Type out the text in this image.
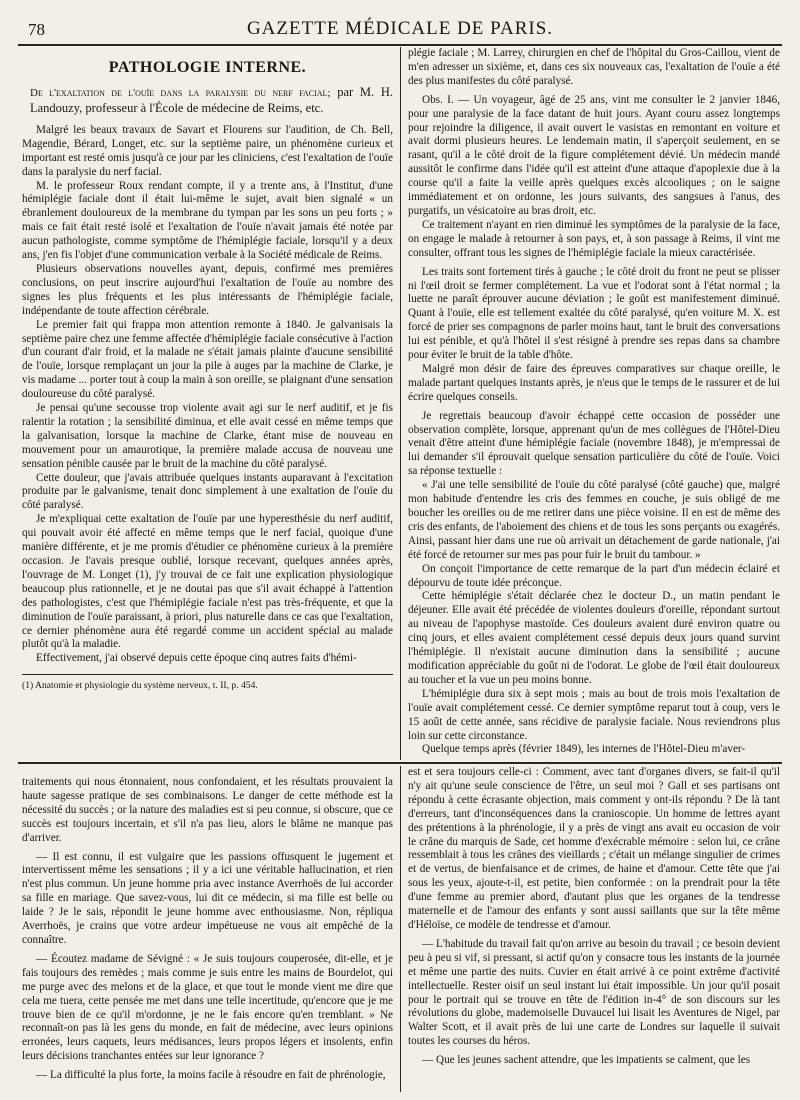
78	GAZETTE MÉDICALE DE PARIS.

PATHOLOGIE INTERNE.

De l'exaltation de l'ouïe dans la paralysie du nerf facial; par M. H. Landouzy, professeur à l'École de médecine de Reims, etc.

Malgré les beaux travaux de Savart et Flourens sur l'audition, de Ch. Bell, Magendie, Bérard, Longet, etc. sur la septième paire, un phénomène curieux et important est resté omis jusqu'à ce jour par les cliniciens, c'est l'exaltation de l'ouïe dans la paralysie du nerf facial.

M. le professeur Roux rendant compte, il y a trente ans, à l'Institut, d'une hémiplégie faciale dont il était lui-même le sujet, avait bien signalé « un ébranlement douloureux de la membrane du tympan par les sons un peu forts ; » mais ce fait était resté isolé et l'exaltation de l'ouïe n'avait jamais été notée par aucun pathologiste, comme symptôme de l'hémiplégie faciale, lorsqu'il y a deux ans, j'en fis l'objet d'une communication verbale à la Société médicale de Reims.

Plusieurs observations nouvelles ayant, depuis, confirmé mes premières conclusions, on peut inscrire aujourd'hui l'exaltation de l'ouïe au nombre des signes les plus fréquents et les plus intéressants de l'hémiplégie faciale, indépendante de toute affection cérébrale.

Le premier fait qui frappa mon attention remonte à 1840. Je galvanisais la septième paire chez une femme affectée d'hémiplégie faciale consécutive à l'action d'un courant d'air froid, et la malade ne s'était jamais plainte d'aucune sensibilité de l'ouïe, lorsque remplaçant un jour la pile à auges par la machine de Clarke, je vis madame ... porter tout à coup la main à son oreille, se plaignant d'une sensation douloureuse du côté paralysé.

Je pensai qu'une secousse trop violente avait agi sur le nerf auditif, et je fis ralentir la rotation ; la sensibilité diminua, et elle avait cessé en même temps que la galvanisation, lorsque la machine de Clarke, étant mise de nouveau en mouvement pour un amaurotique, la première malade accusa de nouveau une sensation pénible causée par le bruit de la machine du côté paralysé.

Cette douleur, que j'avais attribuée quelques instants auparavant à l'excitation produite par le galvanisme, tenait donc simplement à une exaltation de l'ouïe du côté paralysé.

Je m'expliquai cette exaltation de l'ouïe par une hyperesthésie du nerf auditif, qui pouvait avoir été affecté en même temps que le nerf facial, quoique d'une manière différente, et je me promis d'étudier ce phénomène curieux à la première occasion. Je l'avais presque oublié, lorsque recevant, quelques années après, l'ouvrage de M. Longet (1), j'y trouvai de ce fait une explication physiologique beaucoup plus rationnelle, et je ne doutai pas que s'il avait échappé à l'attention des pathologistes, c'est que l'hémiplégie faciale n'est pas très-fréquente, et que la diminution de l'ouïe paraissant, à priori, plus naturelle dans ce cas que l'exaltation, ce dernier phénomène aura été regardé comme un accident spécial au malade plutôt qu'à la maladie.

Effectivement, j'ai observé depuis cette époque cinq autres faits d'hémi-

(1) Anatomie et physiologie du système nerveux, t. II, p. 454.

plégie faciale ; M. Larrey, chirurgien en chef de l'hôpital du Gros-Caillou, vient de m'en adresser un sixième, et, dans ces six nouveaux cas, l'exaltation de l'ouïe a été des plus manifestes du côté paralysé.

Obs. I. — Un voyageur, âgé de 25 ans, vint me consulter le 2 janvier 1846, pour une paralysie de la face datant de huit jours. Ayant couru assez longtemps pour rejoindre la diligence, il avait ouvert le vasistas en remontant en voiture et avait dormi plusieurs heures. Le lendemain matin, il s'aperçoit seulement, en se rasant, qu'il a le côté droit de la figure complétement dévié. Un médecin mandé aussitôt le confirme dans l'idée qu'il est atteint d'une attaque d'apoplexie due à la course qu'il a faite la veille après quelques excès alcooliques ; on le saigne immédiatement et on ordonne, les jours suivants, des sangsues à l'anus, des purgatifs, un vésicatoire au bras droit, etc.

Ce traitement n'ayant en rien diminué les symptômes de la paralysie de la face, on engage le malade à retourner à son pays, et, à son passage à Reims, il vint me consulter, offrant tous les signes de l'hémiplégie faciale la mieux caractérisée.

Les traits sont fortement tirés à gauche ; le côté droit du front ne peut se plisser ni l'œil droit se fermer complétement. La vue et l'odorat sont à l'état normal ; la luette ne paraît éprouver aucune déviation ; le goût est manifestement diminué. Quant à l'ouïe, elle est tellement exaltée du côté paralysé, qu'en voiture M. X. est forcé de prier ses compagnons de parler moins haut, tant le bruit des conversations lui est pénible, et qu'à l'hôtel il s'est résigné à prendre ses repas dans sa chambre pour éviter le bruit de la table d'hôte.

Malgré mon désir de faire des épreuves comparatives sur chaque oreille, le malade partant quelques instants après, je n'eus que le temps de le rassurer et de lui écrire quelques conseils.

Je regrettais beaucoup d'avoir échappé cette occasion de posséder une observation complète, lorsque, apprenant qu'un de mes collègues de l'Hôtel-Dieu venait d'être atteint d'une hémiplégie faciale (novembre 1848), je m'empressai de lui demander s'il éprouvait quelque sensation particulière du côté de l'ouïe. Voici sa réponse textuelle :

« J'ai une telle sensibilité de l'ouïe du côté paralysé (côté gauche) que, malgré mon habitude d'entendre les cris des femmes en couche, je suis obligé de me boucher les oreilles ou de me retirer dans une pièce voisine. Il en est de même des cris des enfants, de l'aboiement des chiens et de tous les sons perçants ou exagérés. Ainsi, passant hier dans une rue où arrivait un détachement de garde nationale, j'ai été forcé de retourner sur mes pas pour fuir le bruit du tambour. »

On conçoit l'importance de cette remarque de la part d'un médecin éclairé et dépourvu de toute idée préconçue.

Cette hémiplégie s'était déclarée chez le docteur D., un matin pendant le déjeuner. Elle avait été précédée de violentes douleurs d'oreille, répondant surtout au niveau de l'apophyse mastoïde. Ces douleurs avaient duré environ quatre ou cinq jours, et elles avaient complétement cessé depuis deux jours quand survint l'hémiplégie. Il n'existait aucune diminution dans la sensibilité ; aucune modification appréciable du goût ni de l'odorat. Le globe de l'œil était douloureux au toucher et la vue un peu moins bonne.

L'hémiplégie dura six à sept mois ; mais au bout de trois mois l'exaltation de l'ouïe avait complétement cessé. Ce dernier symptôme reparut tout à coup, vers le 15 août de cette année, sans récidive de paralysie faciale. Nous reviendrons plus loin sur cette circonstance.

Quelque temps après (février 1849), les internes de l'Hôtel-Dieu m'aver-

traitements qui nous étonnaient, nous confondaient, et les résultats prouvaient la haute sagesse pratique de ses combinaisons. Le danger de cette méthode est la nécessité du succès ; or la nature des maladies est si peu connue, si obscure, que ce succès est toujours incertain, et s'il n'a pas lieu, alors le blâme ne manque pas d'arriver.

— Il est connu, il est vulgaire que les passions offusquent le jugement et intervertissent même les sensations ; il y a ici une véritable hallucination, et rien n'est plus commun. Un jeune homme pria avec instance Averrhoës de lui accorder sa fille en mariage. Que savez-vous, lui dit ce médecin, si ma fille est belle ou laide ? Je le sais, répondit le jeune homme avec enthousiasme. Non, répliqua Averrhoës, je crains que votre ardeur impétueuse ne vous ait empêché de la connaître.

— Écoutez madame de Sévigné : « Je suis toujours couperosée, dit-elle, et je fais toujours des remèdes ; mais comme je suis entre les mains de Bourdelot, qui me purge avec des melons et de la glace, et que tout le monde vient me dire que cela me tuera, cette pensée me met dans une telle incertitude, qu'encore que je me trouve bien de ce qu'il m'ordonne, je ne le fais encore qu'en tremblant. » Ne reconnaît-on pas là les gens du monde, en fait de médecine, avec leurs opinions erronées, leurs caquets, leurs médisances, leurs propos légers et insolents, enfin leurs décisions tranchantes entées sur leur ignorance ?

— La difficulté la plus forte, la moins facile à résoudre en fait de phrénologie,

est et sera toujours celle-ci : Comment, avec tant d'organes divers, se fait-il qu'il n'y ait qu'une seule conscience de l'être, un seul moi ? Gall et ses partisans ont répondu à cette écrasante objection, mais comment y ont-ils répondu ? De là tant d'erreurs, tant d'inconséquences dans la cranioscopie. Un homme de lettres ayant des prétentions à la phrénologie, il y a près de vingt ans avait eu occasion de voir le crâne du marquis de Sade, cet homme d'exécrable mémoire : selon lui, ce crâne ressemblait à tous les crânes des vieillards ; c'était un mélange singulier de crimes et de vertus, de bienfaisance et de crimes, de haine et d'amour. Cette tête que j'ai sous les yeux, ajoute-t-il, est petite, bien conformée : on la prendrait pour la tête d'une femme au premier abord, d'autant plus que les organes de la tendresse maternelle et de l'amour des enfants y sont aussi saillants que sur la tête même d'Héloïse, ce modèle de tendresse et d'amour.

— L'habitude du travail fait qu'on arrive au besoin du travail ; ce besoin devient peu à peu si vif, si pressant, si actif qu'on y consacre tous les instants de la journée et même une partie des nuits. Cuvier en était arrivé à ce point extrême d'activité intellectuelle. Rester oisif un seul instant lui était impossible. Un jour qu'il posait pour le portrait qui se trouve en tête de l'édition in-4° de son discours sur les révolutions du globe, mademoiselle Duvaucel lui lisait les Aventures de Nigel, par Walter Scott, et il avait près de lui une carte de Londres sur laquelle il suivait toutes les courses du héros.

— Que les jeunes sachent attendre, que les impatients se calment, que les
